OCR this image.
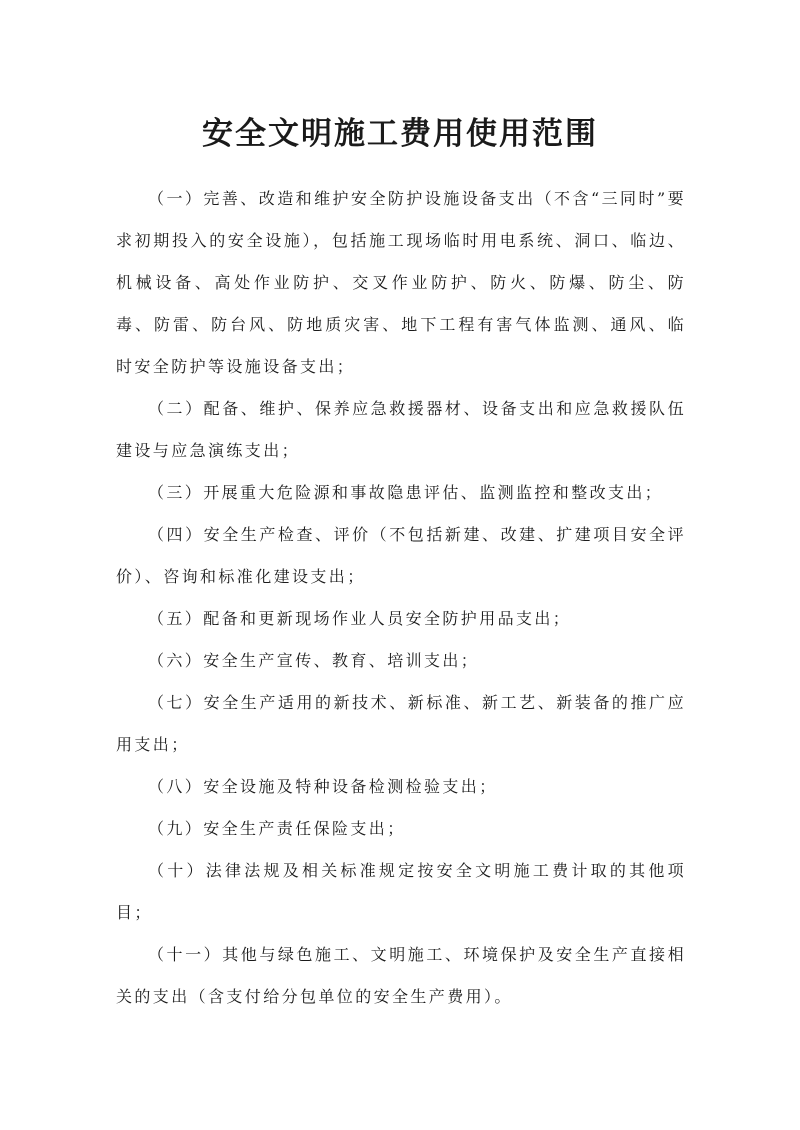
安全文明施工费用使用范围
（一）完善、改造和维护安全防护设施设备支出（不含“三同时”要求初期投入的安全设施），包括施工现场临时用电系统、洞口、临边、机械设备、高处作业防护、交叉作业防护、防火、防爆、防尘、防毒、防雷、防台风、防地质灾害、地下工程有害气体监测、通风、临时安全防护等设施设备支出；
（二）配备、维护、保养应急救援器材、设备支出和应急救援队伍建设与应急演练支出；
（三）开展重大危险源和事故隐患评估、监测监控和整改支出；
（四）安全生产检查、评价（不包括新建、改建、扩建项目安全评价）、咨询和标准化建设支出；
（五）配备和更新现场作业人员安全防护用品支出；
（六）安全生产宣传、教育、培训支出；
（七）安全生产适用的新技术、新标准、新工艺、新装备的推广应用支出；
（八）安全设施及特种设备检测检验支出；
（九）安全生产责任保险支出；
（十）法律法规及相关标准规定按安全文明施工费计取的其他项目；
（十一）其他与绿色施工、文明施工、环境保护及安全生产直接相关的支出（含支付给分包单位的安全生产费用）。
